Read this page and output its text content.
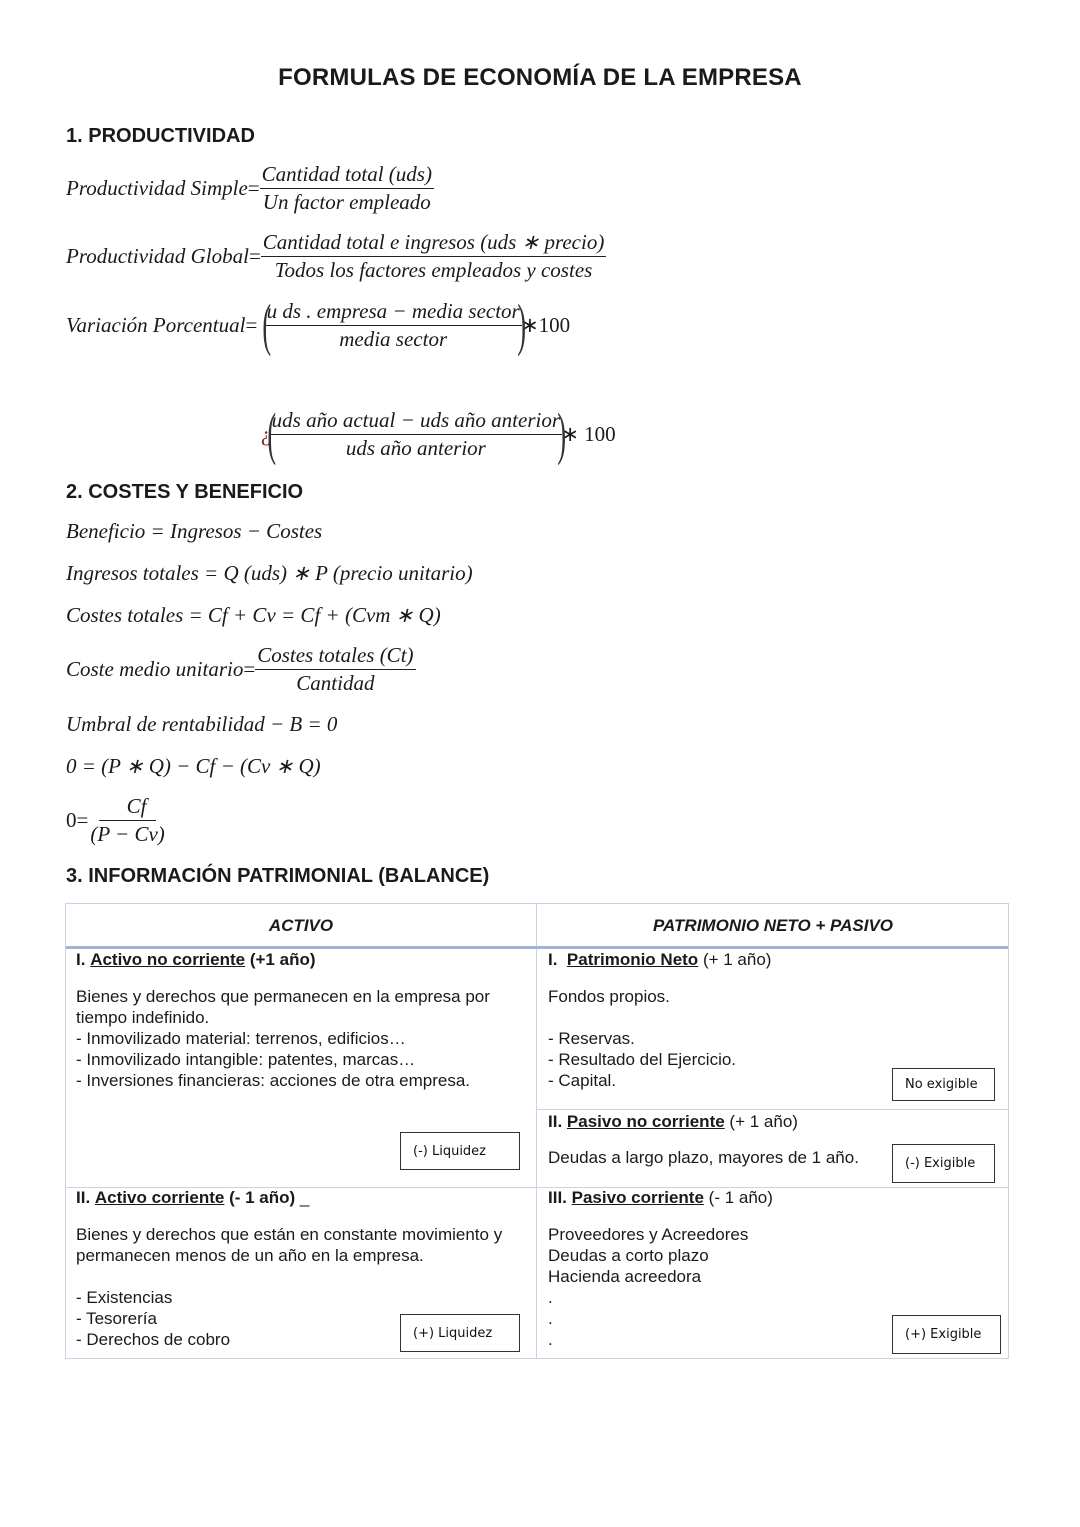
FORMULAS DE ECONOMÍA DE LA EMPRESA
1. PRODUCTIVIDAD
Productividad Simple = $\frac{\text{Cantidad total (uds)}}{\text{Un factor empleado}}$
Productividad Global = $\frac{\text{Cantidad total e ingresos (uds ∗ precio)}}{\text{Todos los factores empleados y costes}}$
Variación Porcentual = (
$\frac{\text{u ds . empresa − media sector}}{\text{media sector}}$
)
∗100
¿
(
$\frac{\text{uds año actual − uds año anterior}}{\text{uds año anterior}}$
)
∗ 100
2. COSTES Y BENEFICIO
Beneficio = Ingresos − Costes
Ingresos totales = Q (uds) ∗ P (precio unitario)
Costes totales = Cf + Cv = Cf + (Cvm ∗ Q)
Coste medio unitario = $\frac{\text{Costes totales (Ct)}}{\text{Cantidad}}$
Umbral de rentabilidad − B = 0
0 = (P ∗ Q) − Cf − (Cv ∗ Q)
$0 = \frac{Cf}{(P - Cv)}$
3. INFORMACIÓN PATRIMONIAL (BALANCE)
ACTIVO	PATRIMONIO NETO + PASIVO
I. Activo no corriente (+1 año)
Bienes y derechos que permanecen en la empresa por
tiempo indefinido.
- Inmovilizado material: terrenos, edificios…
- Inmovilizado intangible: patentes, marcas…
- Inversiones financieras: acciones de otra empresa.
(-) Liquidez
II. Activo corriente (- 1 año) _
Bienes y derechos que están en constante movimiento y
permanecen menos de un año en la empresa.
- Existencias
- Tesorería
- Derechos de cobro	(+) Liquidez
I. Patrimonio Neto (+ 1 año)
Fondos propios.
- Reservas.
- Resultado del Ejercicio.
- Capital.	No exigible
II. Pasivo no corriente (+ 1 año)
Deudas a largo plazo, mayores de 1 año.	(-) Exigible
III. Pasivo corriente (- 1 año)
Proveedores y Acreedores
Deudas a corto plazo
Hacienda acreedora
.
.
.	(+) Exigible
